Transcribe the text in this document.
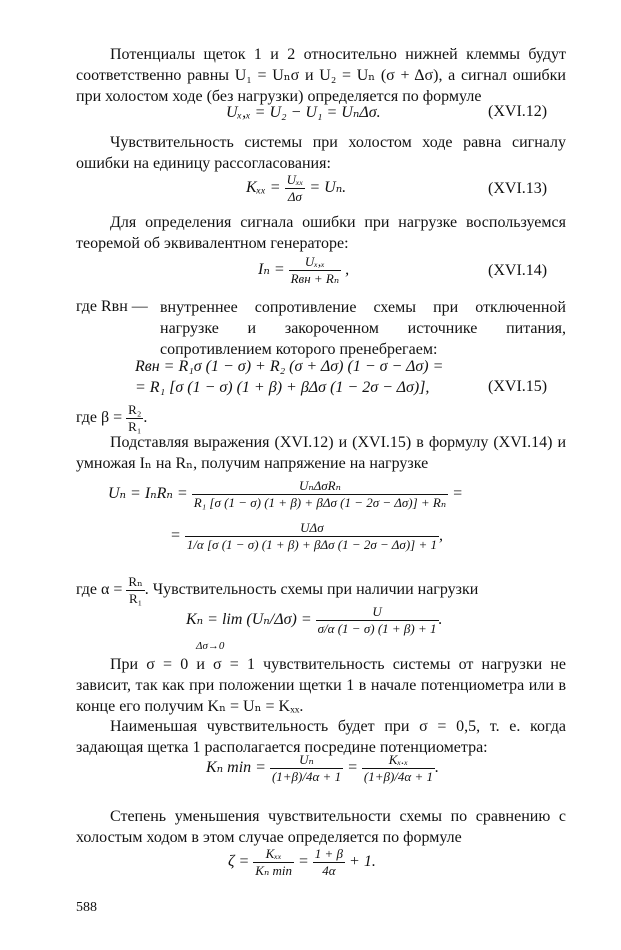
Потенциалы щеток 1 и 2 относительно нижней клеммы будут соответственно равны U₁ = Uₙσ и U₂ = Uₙ (σ + Δσ), а сигнал ошибки при холостом ходе (без нагрузки) определяется по формуле
Uₓ,ₓ = U₂ − U₁ = UₙΔσ.	(XVI.12)
Чувствительность системы при холостом ходе равна сигналу ошибки на единицу рассогласования:
$K_{xx} = \frac{\text{Uₓₓ}}{\Delta\sigma} = U_n$.	(XVI.13)
Для определения сигнала ошибки при нагрузке воспользуемся теоремой об эквивалентном генераторе:
$I_n = \frac{\text{Uₓ,ₓ}}{\text{Rвн + Rₙ}}$ ,	(XVI.14)
где Rвн — внутреннее сопротивление схемы при отключенной нагрузке и закороченном источнике питания, сопротивлением которого пренебрегаем:
Rвн = R₁σ (1 − σ) + R₂ (σ + Δσ) (1 − σ − Δσ) =
= R₁ [σ (1 − σ) (1 + β) + βΔσ (1 − 2σ − Δσ)],	(XVI.15)
где $\beta = \frac{\text{R₂}}{\text{R₁}}$ .
Подставляя выражения (XVI.12) и (XVI.15) в формулу (XVI.14) и умножая Iₙ на Rₙ, получим напряжение на нагрузке
$U_n = I_nR_n = \frac{\text{UₙΔσRₙ}}{\text{R₁ [σ (1 − σ) (1 + β) + βΔσ (1 − 2σ − Δσ)] + Rₙ}}$ =
= $\frac{\text{UΔσ}}{\text{1/α [σ (1 − σ) (1 + β) + βΔσ (1 − 2σ − Δσ)] + 1}}$ ,
где $\alpha = \frac{\text{Rₙ}}{\text{R₁}}$ . Чувствительность схемы при наличии нагрузки
$K_n = \lim (U_n/\Delta\sigma) = \frac{U}{\sigma/\alpha (1 - \sigma) (1 + \beta) + 1}$ .
Δσ→0
При σ = 0 и σ = 1 чувствительность системы от нагрузки не зависит, так как при положении щетки 1 в начале потенциометра или в конце его получим Kₙ = Uₙ = Kₓₓ.
Наименьшая чувствительность будет при σ = 0,5, т. е. когда задающая щетка 1 располагается посредине потенциометра:
Kₙ $\min = \frac{\text{Uₙ}}{(1+\beta)/4\alpha + 1} = \frac{\text{Kₓ.ₓ}}{(1+\beta)/4\alpha + 1}$ .
Степень уменьшения чувствительности схемы по сравнению с холостым ходом в этом случае определяется по формуле
$\zeta = \frac{\text{Kₓₓ}}{\text{Kₙ min}} = \frac{1 + \beta}{4\alpha} + 1$.
588
